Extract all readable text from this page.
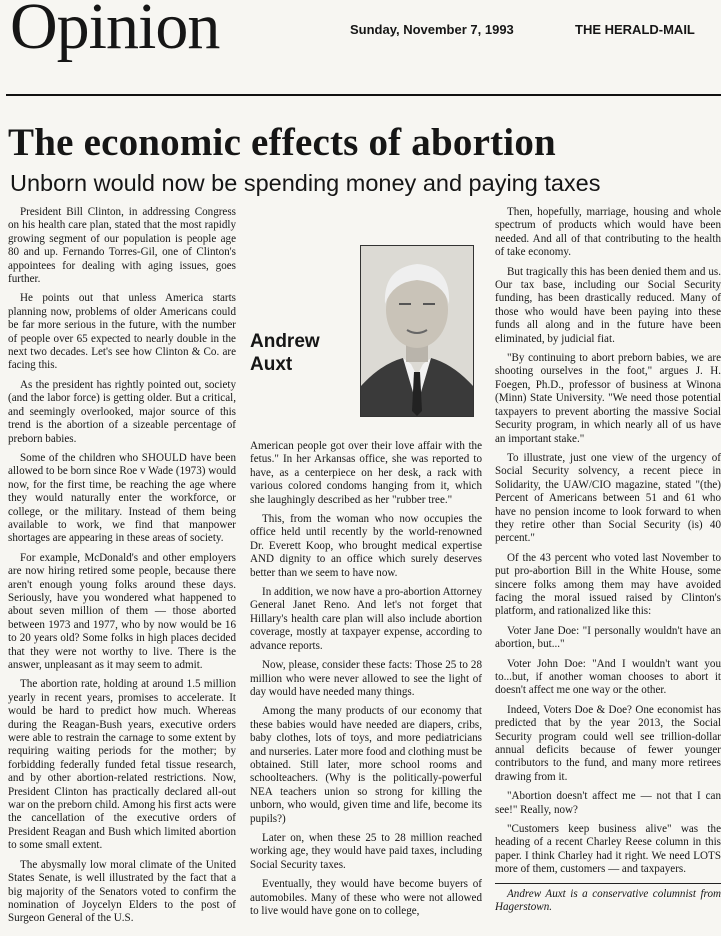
Opinion	Sunday, November 7, 1993	THE HERALD-MAIL
The economic effects of abortion
Unborn would now be spending money and paying taxes

President Bill Clinton, in addressing Congress on his health care plan, stated that the most rapidly growing segment of our population is people age 80 and up. Fernando Torres-Gil, one of Clinton's appointees for dealing with aging issues, goes further.

He points out that unless America starts planning now, problems of older Americans could be far more serious in the future, with the number of people over 65 expected to nearly double in the next two decades. Let's see how Clinton & Co. are facing this.

As the president has rightly pointed out, society (and the labor force) is getting older. But a critical, and seemingly overlooked, major source of this trend is the abortion of a sizeable percentage of preborn babies.

Some of the children who SHOULD have been allowed to be born since Roe v Wade (1973) would now, for the first time, be reaching the age where they would naturally enter the workforce, or college, or the military. Instead of them being available to work, we find that manpower shortages are appearing in these areas of society.

For example, McDonald's and other employers are now hiring retired some people, because there aren't enough young folks around these days. Seriously, have you wondered what happened to about seven million of them — those aborted between 1973 and 1977, who by now would be 16 to 20 years old? Some folks in high places decided that they were not worthy to live. There is the answer, unpleasant as it may seem to admit.

The abortion rate, holding at around 1.5 million yearly in recent years, promises to accelerate. It would be hard to predict how much. Whereas during the Reagan-Bush years, executive orders were able to restrain the carnage to some extent by requiring waiting periods for the mother; by forbidding federally funded fetal tissue research, and by other abortion-related restrictions. Now, President Clinton has practically declared all-out war on the preborn child. Among his first acts were the cancellation of the executive orders of President Reagan and Bush which limited abortion to some small extent.

The abysmally low moral climate of the United States Senate, is well illustrated by the fact that a big majority of the Senators voted to confirm the nomination of Joycelyn Elders to the post of Surgeon General of the U.S.

Andrew Auxt

American people got over their love affair with the fetus." In her Arkansas office, she was reported to have, as a centerpiece on her desk, a rack with various colored condoms hanging from it, which she laughingly described as her "rubber tree."

This, from the woman who now occupies the office held until recently by the world-renowned Dr. Everett Koop, who brought medical expertise AND dignity to an office which surely deserves better than we seem to have now.

In addition, we now have a pro-abortion Attorney General Janet Reno. And let's not forget that Hillary's health care plan will also include abortion coverage, mostly at taxpayer expense, according to advance reports.

Now, please, consider these facts: Those 25 to 28 million who were never allowed to see the light of day would have needed many things.

Among the many products of our economy that these babies would have needed are diapers, cribs, baby clothes, lots of toys, and more pediatricians and nurseries. Later more food and clothing must be obtained. Still later, more school rooms and schoolteachers. (Why is the politically-powerful NEA teachers union so strong for killing the unborn, who would, given time and life, become its pupils?)

Later on, when these 25 to 28 million reached working age, they would have paid taxes, including Social Security taxes.

Eventually, they would have become buyers of automobiles. Many of these who were not allowed to live would have gone on to college,

Then, hopefully, marriage, housing and whole spectrum of products which would have been needed. And all of that contributing to the health of take economy.

But tragically this has been denied them and us. Our tax base, including our Social Security funding, has been drastically reduced. Many of those who would have been paying into these funds all along and in the future have been eliminated, by judicial fiat.

"By continuing to abort preborn babies, we are shooting ourselves in the foot," argues J. H. Foegen, Ph.D., professor of business at Winona (Minn) State University. "We need those potential taxpayers to prevent aborting the massive Social Security program, in which nearly all of us have an important stake."

To illustrate, just one view of the urgency of Social Security solvency, a recent piece in Solidarity, the UAW/CIO magazine, stated "(the) Percent of Americans between 51 and 61 who have no pension income to look forward to when they retire other than Social Security (is) 40 percent."

Of the 43 percent who voted last November to put pro-abortion Bill in the White House, some sincere folks among them may have avoided facing the moral issued raised by Clinton's platform, and rationalized like this:

Voter Jane Doe: "I personally wouldn't have an abortion, but..."

Voter John Doe: "And I wouldn't want you to...but, if another woman chooses to abort it doesn't affect me one way or the other.

Indeed, Voters Doe & Doe? One economist has predicted that by the year 2013, the Social Security program could well see trillion-dollar annual deficits because of fewer younger contributors to the fund, and many more retirees drawing from it.

"Abortion doesn't affect me — not that I can see!" Really, now?

"Customers keep business alive" was the heading of a recent Charley Reese column in this paper. I think Charley had it right. We need LOTS more of them, customers — and taxpayers.

Andrew Auxt is a conservative columnist from Hagerstown.
